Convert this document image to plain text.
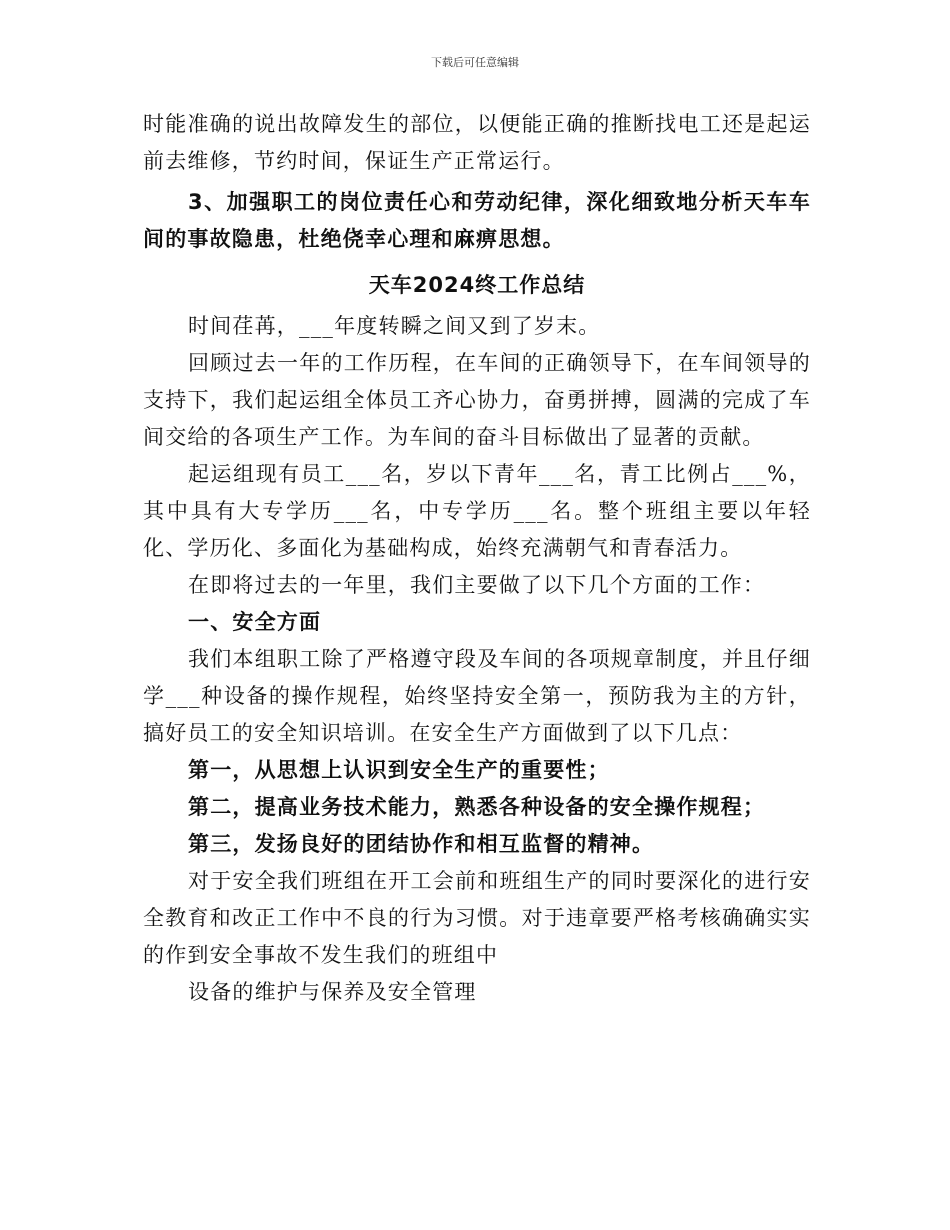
下载后可任意编辑

时能准确的说出故障发生的部位，以便能正确的推断找电工还是起运前去维修，节约时间，保证生产正常运行。

3、加强职工的岗位责任心和劳动纪律，深化细致地分析天车车间的事故隐患，杜绝侥幸心理和麻痹思想。

天车2024终工作总结

时间荏苒，___年度转瞬之间又到了岁末。

回顾过去一年的工作历程，在车间的正确领导下，在车间领导的支持下，我们起运组全体员工齐心协力，奋勇拼搏，圆满的完成了车间交给的各项生产工作。为车间的奋斗目标做出了显著的贡献。

起运组现有员工___名，岁以下青年___名，青工比例占___%，其中具有大专学历___名，中专学历___名。整个班组主要以年轻化、学历化、多面化为基础构成，始终充满朝气和青春活力。

在即将过去的一年里，我们主要做了以下几个方面的工作：

一、安全方面

我们本组职工除了严格遵守段及车间的各项规章制度，并且仔细学___种设备的操作规程，始终坚持安全第一，预防我为主的方针，搞好员工的安全知识培训。在安全生产方面做到了以下几点：

第一，从思想上认识到安全生产的重要性；

第二，提高业务技术能力，熟悉各种设备的安全操作规程；

第三，发扬良好的团结协作和相互监督的精神。

对于安全我们班组在开工会前和班组生产的同时要深化的进行安全教育和改正工作中不良的行为习惯。对于违章要严格考核确确实实的作到安全事故不发生我们的班组中

设备的维护与保养及安全管理
